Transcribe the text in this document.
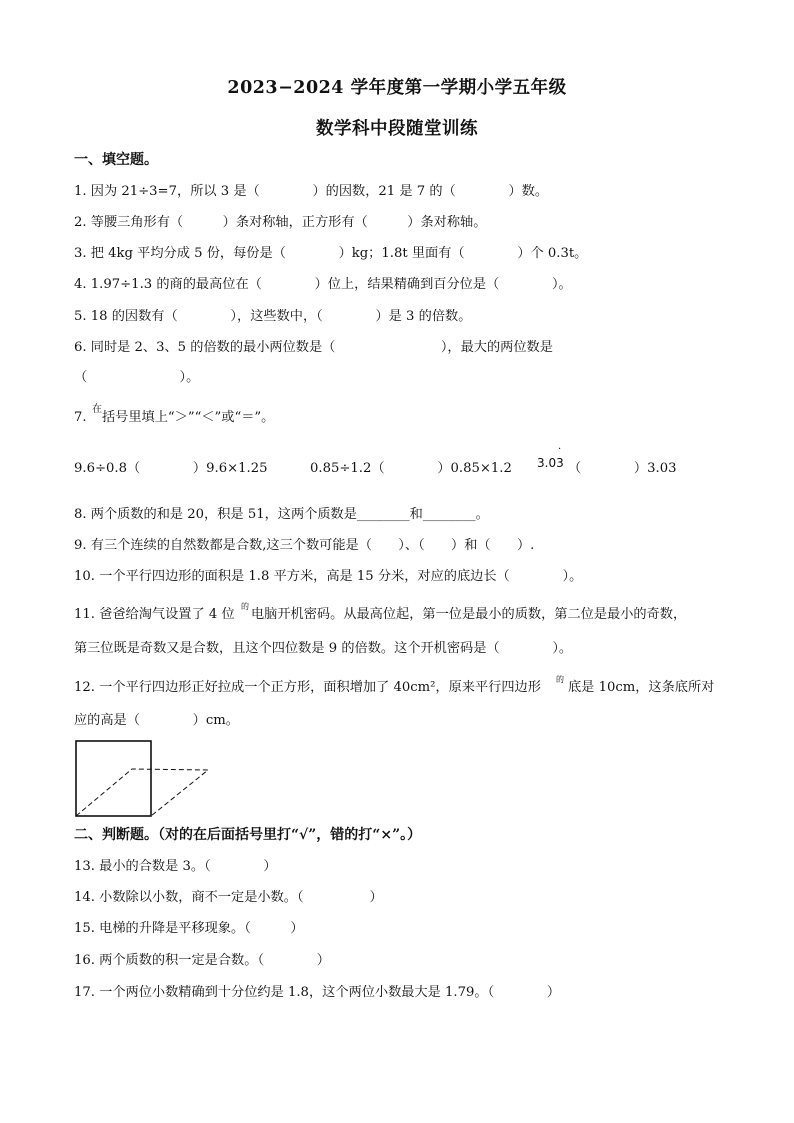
2023−2024 学年度第一学期小学五年级
数学科中段随堂训练
一、填空题。
1. 因为 21÷3=7，所以 3 是（　　　　）的因数，21 是 7 的（　　　　）数。
2. 等腰三角形有（　　　）条对称轴，正方形有（　　　）条对称轴。
3. 把 4kg 平均分成 5 份，每份是（　　　　）kg；1.8t 里面有（　　　　）个 0.3t。
4. 1.97÷1.3 的商的最高位在（　　　　）位上，结果精确到百分位是（　　　　）。
5. 18 的因数有（　　　　），这些数中，（　　　　）是 3 的倍数。
6. 同时是 2、3、5 的倍数的最小两位数是（　　　　　　　　），最大的两位数是
（　　　　　　　）。
7.
在
括号里填上“＞”“＜”或“＝”。
9.6÷0.8（　　　　）9.6×1.25	0.85÷1.2（　　　　）0.85×1.2 3.03
·
（　　　　）3.03
8. 两个质数的和是 20，积是 51，这两个质数是________和________。
9. 有三个连续的自然数都是合数,这三个数可能是（　　）、（　　）和（　　）.
10. 一个平行四边形的面积是 1.8 平方米，高是 15 分米，对应的底边长（　　　　）。
11. 爸爸给淘气设置了 4 位
的
电脑开机密码。从最高位起，第一位是最小的质数，第二位是最小的奇数，
第三位既是奇数又是合数，且这个四位数是 9 的倍数。这个开机密码是（　　　　）。
12. 一个平行四边形正好拉成一个正方形，面积增加了 40cm²，原来平行四边形
的
底是 10cm，这条底所对
应的高是（　　　　）cm。
二、判断题。（对的在后面括号里打“√”，错的打“×”。）
13. 最小的合数是 3。（　　　　）
14. 小数除以小数，商不一定是小数。（　　　　　）
15. 电梯的升降是平移现象。（　　　）
16. 两个质数的积一定是合数。（　　　　）
17. 一个两位小数精确到十分位约是 1.8，这个两位小数最大是 1.79。（　　　　）
